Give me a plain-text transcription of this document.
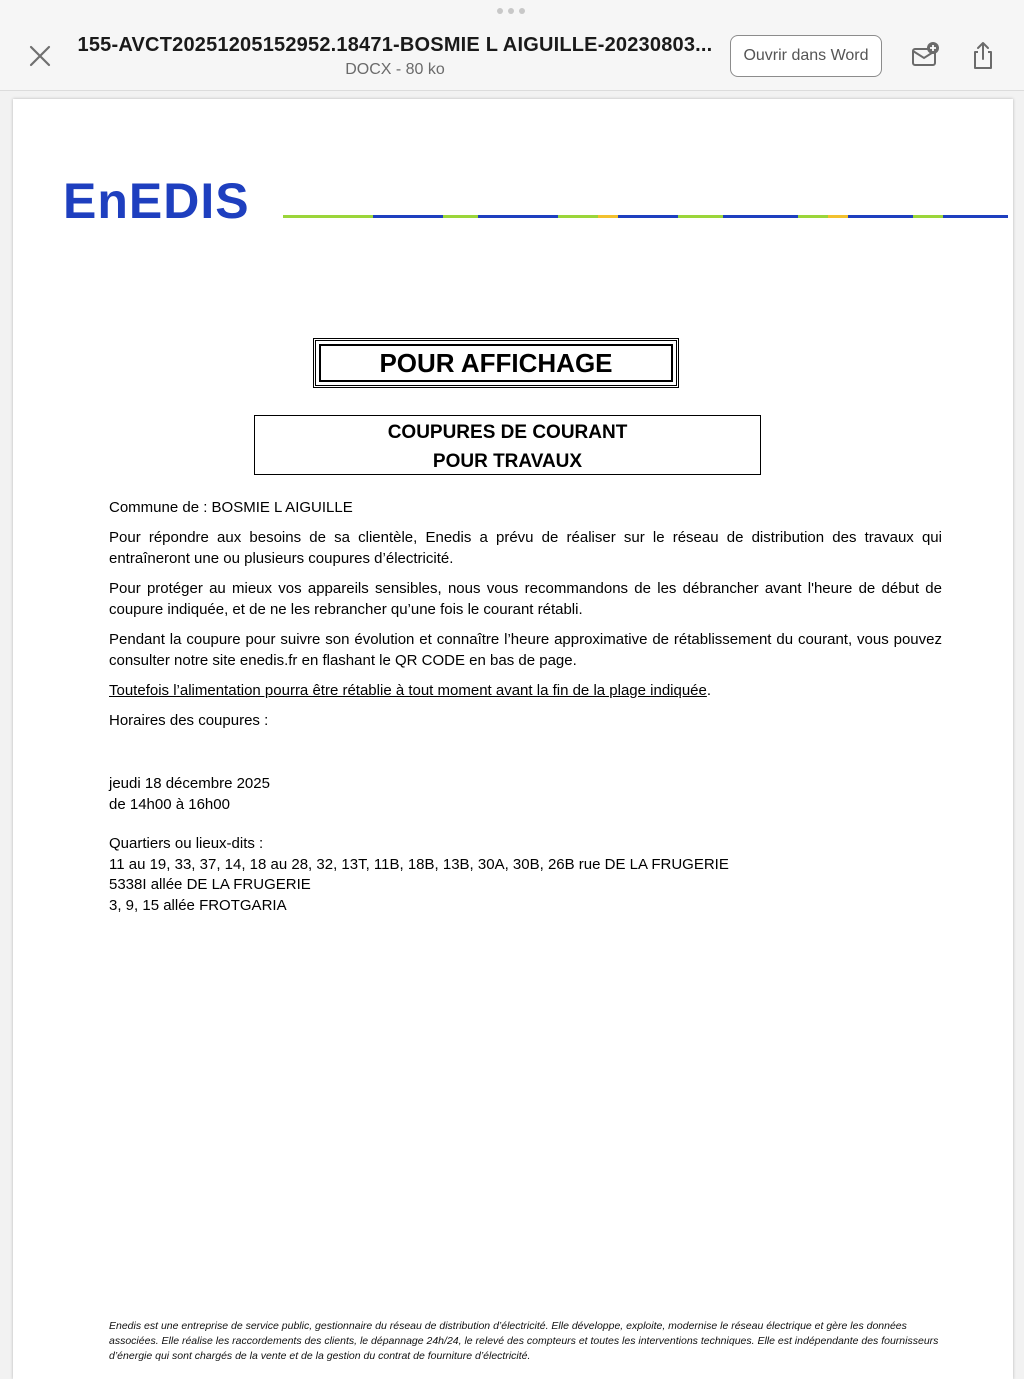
155-AVCT20251205152952.18471-BOSMIE L AIGUILLE-20230803...
DOCX - 80 ko
Ouvrir dans Word
EnEDIS
POUR AFFICHAGE
COUPURES DE COURANT
POUR TRAVAUX

Commune de : BOSMIE L AIGUILLE

Pour répondre aux besoins de sa clientèle, Enedis a prévu de réaliser sur le réseau de distribution des travaux qui entraîneront une ou plusieurs coupures d’électricité.

Pour protéger au mieux vos appareils sensibles, nous vous recommandons de les débrancher avant l'heure de début de coupure indiquée, et de ne les rebrancher qu’une fois le courant rétabli.

Pendant la coupure pour suivre son évolution et connaître l’heure approximative de rétablissement du courant, vous pouvez consulter notre site enedis.fr en flashant le QR CODE en bas de page.

Toutefois l’alimentation pourra être rétablie à tout moment avant la fin de la plage indiquée.

Horaires des coupures :

jeudi 18 décembre 2025
de 14h00 à 16h00
Quartiers ou lieux-dits :
11 au 19, 33, 37, 14, 18 au 28, 32, 13T, 11B, 18B, 13B, 30A, 30B, 26B rue DE LA FRUGERIE
5338I allée DE LA FRUGERIE
3, 9, 15 allée FROTGARIA
Enedis est une entreprise de service public, gestionnaire du réseau de distribution d’électricité. Elle développe, exploite, modernise le réseau électrique et gère les données associées. Elle réalise les raccordements des clients, le dépannage 24h/24, le relevé des compteurs et toutes les interventions techniques. Elle est indépendante des fournisseurs d’énergie qui sont chargés de la vente et de la gestion du contrat de fourniture d’électricité.
